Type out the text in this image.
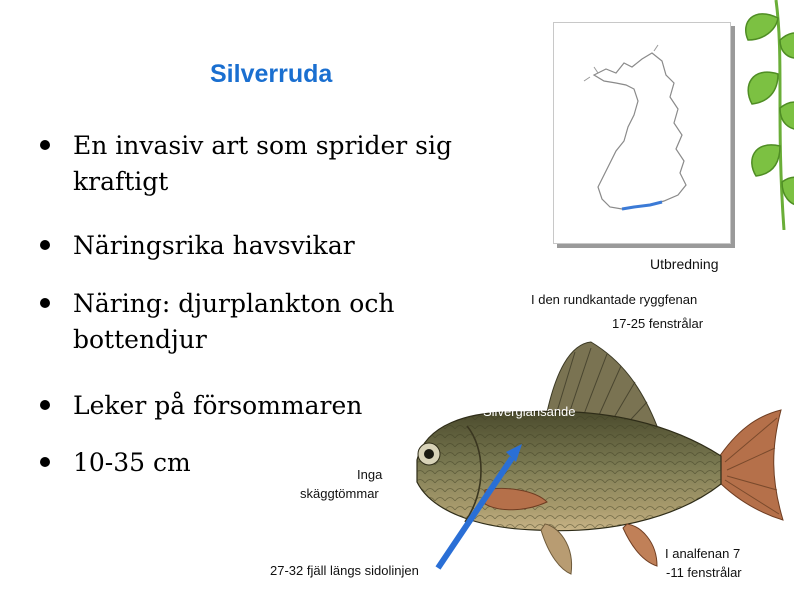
Silverruda
En invasiv art som sprider sig kraftigt
Näringsrika havsvikar
Näring: djurplankton och bottendjur
Leker på försommaren
10-35 cm
Utbredning
I den rundkantade ryggfenan
17-25 fenstrålar
Silverglänsande
Inga
skäggtömmar
27-32 fjäll längs sidolinjen
I analfenan 7
-11 fenstrålar
